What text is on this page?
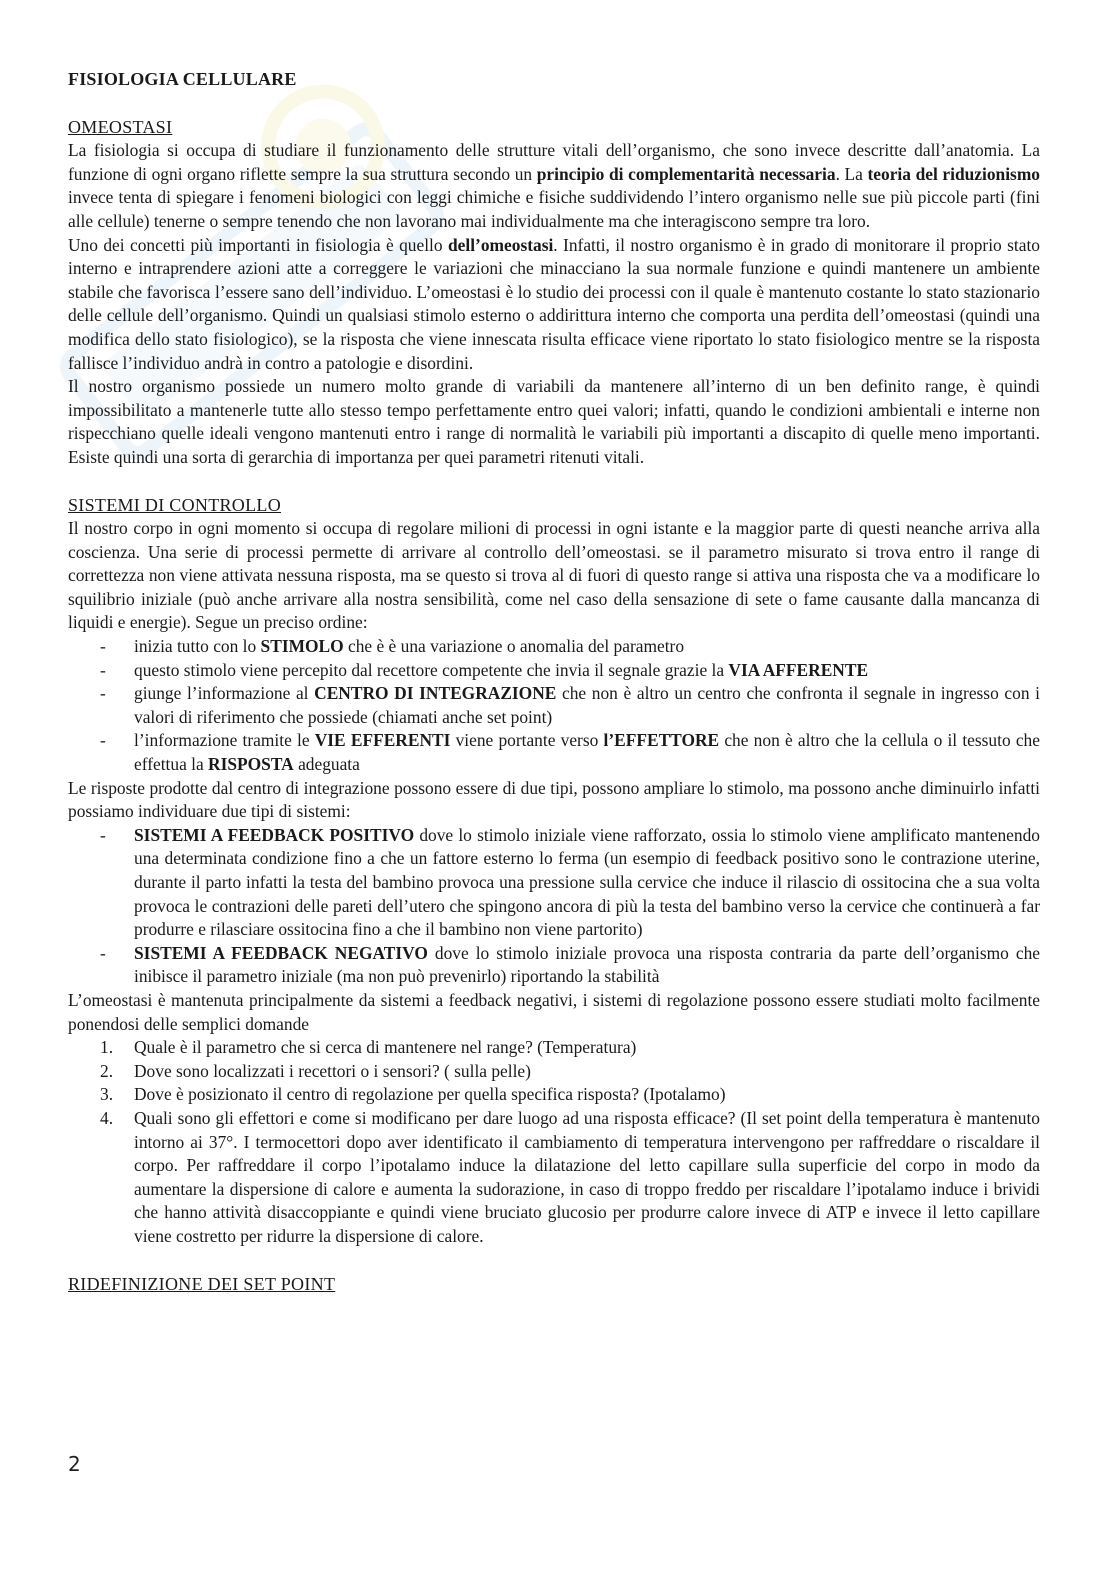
FISIOLOGIA CELLULARE
OMEOSTASI

La fisiologia si occupa di studiare il funzionamento delle strutture vitali dell’organismo, che sono invece descritte dall’anatomia. La funzione di ogni organo riflette sempre la sua struttura secondo un principio di complementarità necessaria. La teoria del riduzionismo invece tenta di spiegare i fenomeni biologici con leggi chimiche e fisiche suddividendo l’intero organismo nelle sue più piccole parti (fini alle cellule) tenerne o sempre tenendo che non lavorano mai individualmente ma che interagiscono sempre tra loro.

Uno dei concetti più importanti in fisiologia è quello dell’omeostasi. Infatti, il nostro organismo è in grado di monitorare il proprio stato interno e intraprendere azioni atte a correggere le variazioni che minacciano la sua normale funzione e quindi mantenere un ambiente stabile che favorisca l’essere sano dell’individuo. L’omeostasi è lo studio dei processi con il quale è mantenuto costante lo stato stazionario delle cellule dell’organismo. Quindi un qualsiasi stimolo esterno o addirittura interno che comporta una perdita dell’omeostasi (quindi una modifica dello stato fisiologico), se la risposta che viene innescata risulta efficace viene riportato lo stato fisiologico mentre se la risposta fallisce l’individuo andrà in contro a patologie e disordini.

Il nostro organismo possiede un numero molto grande di variabili da mantenere all’interno di un ben definito range, è quindi impossibilitato a mantenerle tutte allo stesso tempo perfettamente entro quei valori; infatti, quando le condizioni ambientali e interne non rispecchiano quelle ideali vengono mantenuti entro i range di normalità le variabili più importanti a discapito di quelle meno importanti. Esiste quindi una sorta di gerarchia di importanza per quei parametri ritenuti vitali.

SISTEMI DI CONTROLLO

Il nostro corpo in ogni momento si occupa di regolare milioni di processi in ogni istante e la maggior parte di questi neanche arriva alla coscienza. Una serie di processi permette di arrivare al controllo dell’omeostasi. se il parametro misurato si trova entro il range di correttezza non viene attivata nessuna risposta, ma se questo si trova al di fuori di questo range si attiva una risposta che va a modificare lo squilibrio iniziale (può anche arrivare alla nostra sensibilità, come nel caso della sensazione di sete o fame causante dalla mancanza di liquidi e energie). Segue un preciso ordine:

- inizia tutto con lo STIMOLO che è è una variazione o anomalia del parametro
- questo stimolo viene percepito dal recettore competente che invia il segnale grazie la VIA AFFERENTE
- giunge l’informazione al CENTRO DI INTEGRAZIONE che non è altro un centro che confronta il segnale in ingresso con i valori di riferimento che possiede (chiamati anche set point)
- l’informazione tramite le VIE EFFERENTI viene portante verso l’EFFETTORE che non è altro che la cellula o il tessuto che effettua la RISPOSTA adeguata

Le risposte prodotte dal centro di integrazione possono essere di due tipi, possono ampliare lo stimolo, ma possono anche diminuirlo infatti possiamo individuare due tipi di sistemi:

- SISTEMI A FEEDBACK POSITIVO dove lo stimolo iniziale viene rafforzato, ossia lo stimolo viene amplificato mantenendo una determinata condizione fino a che un fattore esterno lo ferma (un esempio di feedback positivo sono le contrazione uterine, durante il parto infatti la testa del bambino provoca una pressione sulla cervice che induce il rilascio di ossitocina che a sua volta provoca le contrazioni delle pareti dell’utero che spingono ancora di più la testa del bambino verso la cervice che continuerà a far produrre e rilasciare ossitocina fino a che il bambino non viene partorito)
- SISTEMI A FEEDBACK NEGATIVO dove lo stimolo iniziale provoca una risposta contraria da parte dell’organismo che inibisce il parametro iniziale (ma non può prevenirlo) riportando la stabilità

L’omeostasi è mantenuta principalmente da sistemi a feedback negativi, i sistemi di regolazione possono essere studiati molto facilmente ponendosi delle semplici domande

1. Quale è il parametro che si cerca di mantenere nel range? (Temperatura)
2. Dove sono localizzati i recettori o i sensori? ( sulla pelle)
3. Dove è posizionato il centro di regolazione per quella specifica risposta? (Ipotalamo)
4. Quali sono gli effettori e come si modificano per dare luogo ad una risposta efficace? (Il set point della temperatura è mantenuto intorno ai 37°. I termocettori dopo aver identificato il cambiamento di temperatura intervengono per raffreddare o riscaldare il corpo. Per raffreddare il corpo l’ipotalamo induce la dilatazione del letto capillare sulla superficie del corpo in modo da aumentare la dispersione di calore e aumenta la sudorazione, in caso di troppo freddo per riscaldare l’ipotalamo induce i brividi che hanno attività disaccoppiante e quindi viene bruciato glucosio per produrre calore invece di ATP e invece il letto capillare viene costretto per ridurre la dispersione di calore.
RIDEFINIZIONE DEI SET POINT
2
